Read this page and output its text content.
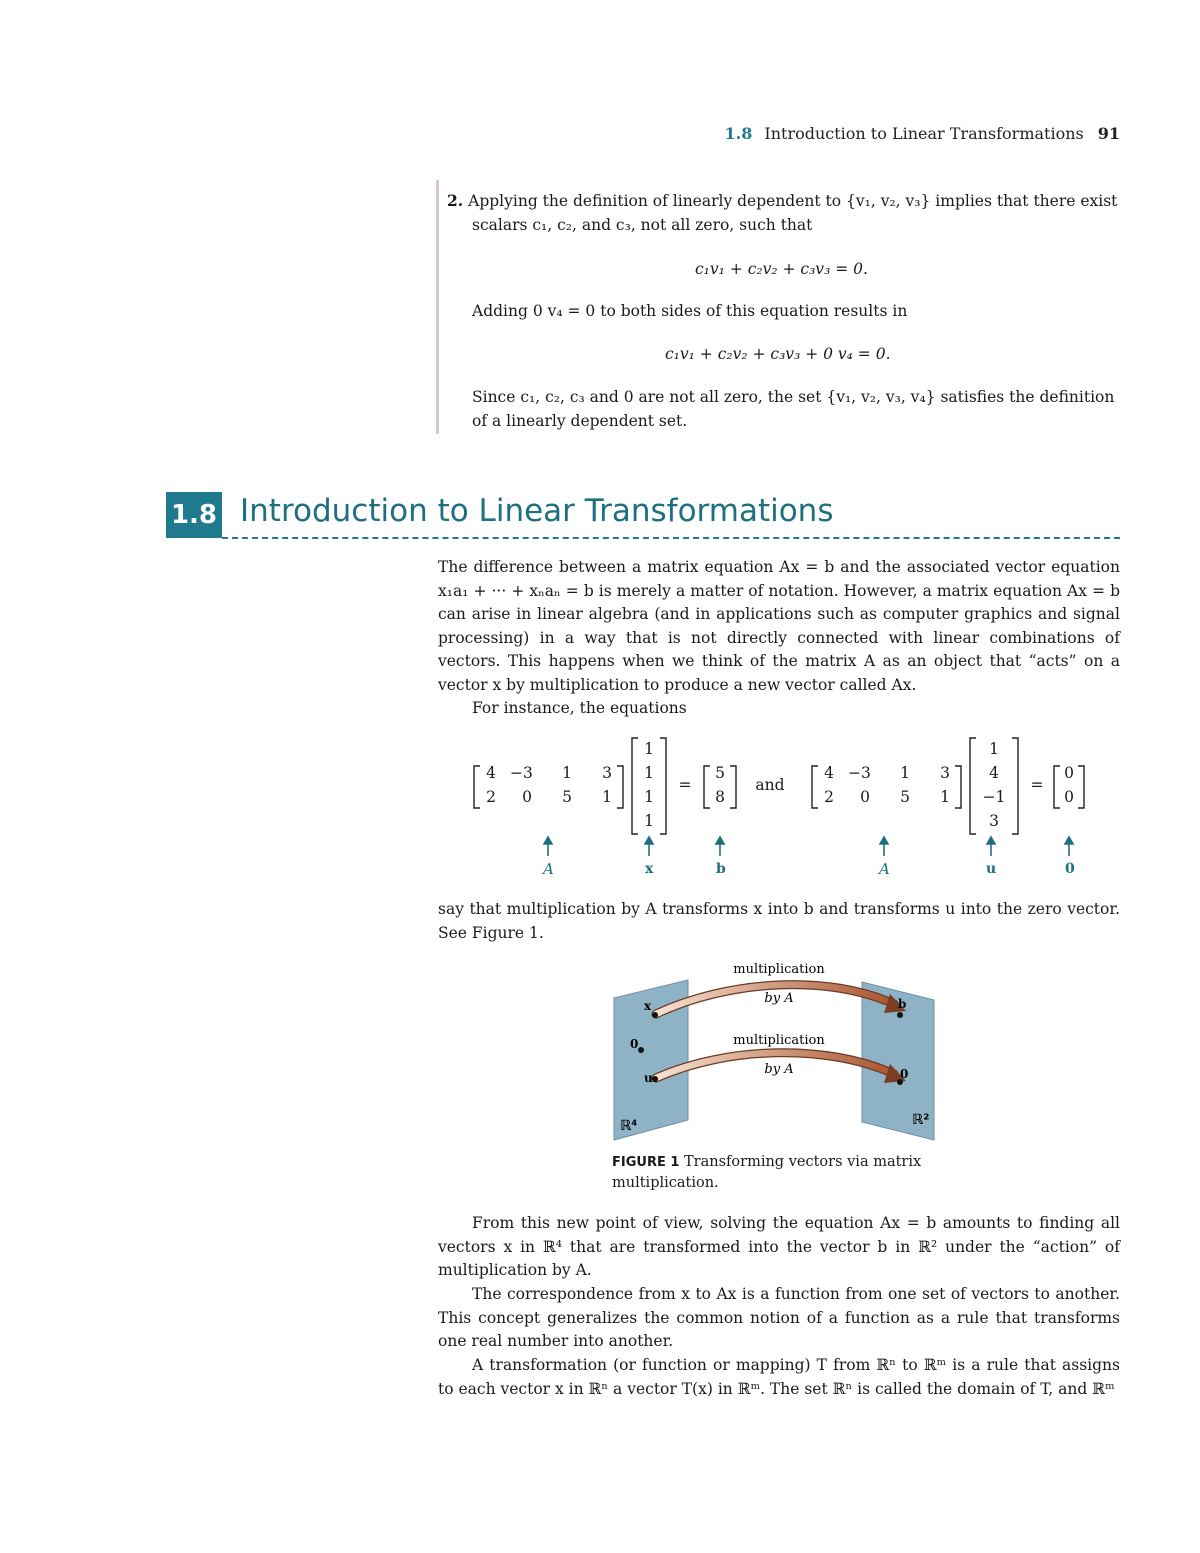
1.8 Introduction to Linear Transformations 91
2. Applying the definition of linearly dependent to {v₁, v₂, v₃} implies that there exist
scalars c₁, c₂, and c₃, not all zero, such that
c₁v₁ + c₂v₂ + c₃v₃ = 0.
Adding 0 v₄ = 0 to both sides of this equation results in
c₁v₁ + c₂v₂ + c₃v₃ + 0 v₄ = 0.
Since c₁, c₂, c₃ and 0 are not all zero, the set {v₁, v₂, v₃, v₄} satisfies the definition
of a linearly dependent set.
1.8 Introduction to Linear Transformations
The difference between a matrix equation Ax = b and the associated vector equation x₁a₁ + ··· + xₙaₙ = b is merely a matter of notation. However, a matrix equation Ax = b can arise in linear algebra (and in applications such as computer graphics and signal processing) in a way that is not directly connected with linear combinations of vectors. This happens when we think of the matrix A as an object that “acts” on a vector x by multiplication to produce a new vector called Ax.
For instance, the equations
4 −3	1	3
2	0	5	1
1
1
1
1
=
5
8
and
4 −3	1	3
2	0	5	1
1
4
−1
3
=
0
0
A	x	b	A	u	0
say that multiplication by A transforms x into b and transforms u into the zero vector. See Figure 1.
multiplication
by A
multiplication
by A
x
0
u
b
0
ℝ⁴	ℝ²
FIGURE 1 Transforming vectors via matrix multiplication.
From this new point of view, solving the equation Ax = b amounts to finding all vectors x in ℝ⁴ that are transformed into the vector b in ℝ² under the “action” of multiplication by A.
The correspondence from x to Ax is a function from one set of vectors to another. This concept generalizes the common notion of a function as a rule that transforms one real number into another.
A transformation (or function or mapping) T from ℝⁿ to ℝᵐ is a rule that assigns to each vector x in ℝⁿ a vector T(x) in ℝᵐ. The set ℝⁿ is called the domain of T, and ℝᵐ
